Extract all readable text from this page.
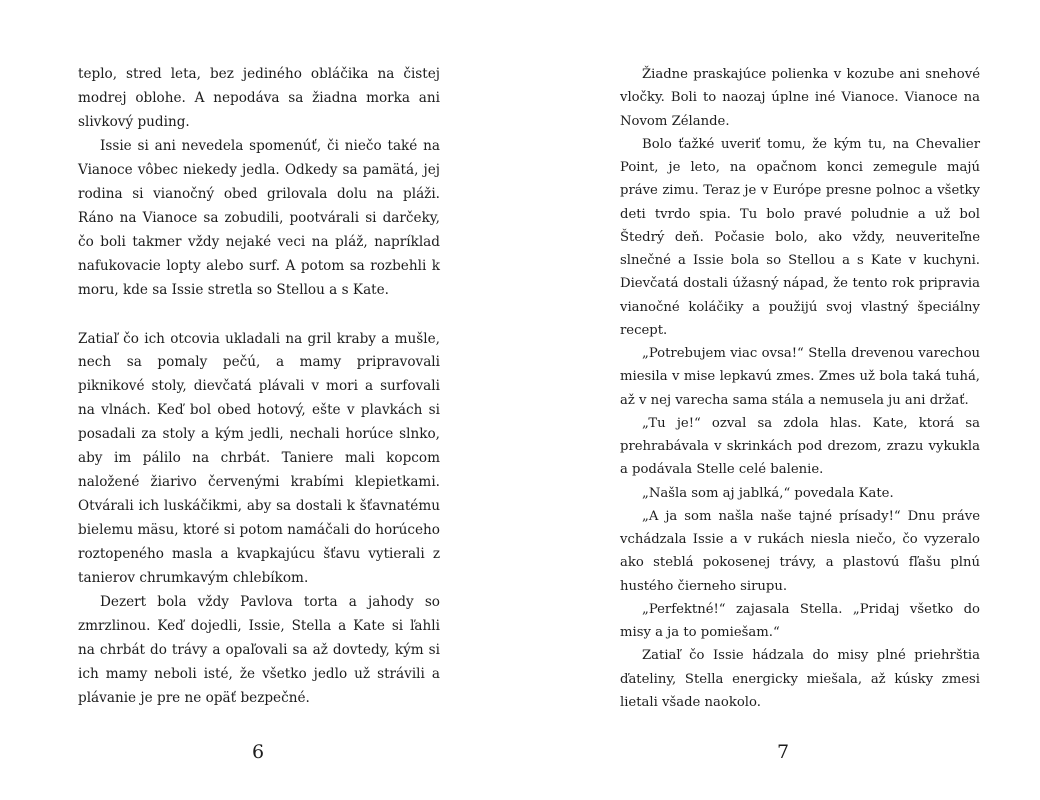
teplo, stred leta, bez jediného obláčika na čistej modrej oblohe. A nepodáva sa žiadna morka ani slivkový puding.

Issie si ani nevedela spomenúť, či niečo také na Vianoce vôbec niekedy jedla. Odkedy sa pamätá, jej rodina si vianočný obed grilovala dolu na pláži. Ráno na Vianoce sa zobudili, pootvárali si darčeky, čo boli takmer vždy nejaké veci na pláž, napríklad nafukovacie lopty alebo surf. A potom sa rozbehli k moru, kde sa Issie stretla so Stellou a s Kate.

Zatiaľ čo ich otcovia ukladali na gril kraby a mušle, nech sa pomaly pečú, a mamy pripravovali piknikové stoly, dievčatá plávali v mori a surfovali na vlnách. Keď bol obed hotový, ešte v plavkách si posadali za stoly a kým jedli, nechali horúce slnko, aby im pálilo na chrbát. Taniere mali kopcom naložené žiarivo červenými krabími klepietkami. Otvárali ich luskáčikmi, aby sa dostali k šťavnatému bielemu mäsu, ktoré si potom namáčali do horúceho roztopeného masla a kvapkajúcu šťavu vytierali z tanierov chrumkavým chlebíkom.

Dezert bola vždy Pavlova torta a jahody so zmrzlinou. Keď dojedli, Issie, Stella a Kate si ľahli na chrbát do trávy a opaľovali sa až dovtedy, kým si ich mamy neboli isté, že všetko jedlo už strávili a plávanie je pre ne opäť bezpečné.

6

Žiadne praskajúce polienka v kozube ani snehové vločky. Boli to naozaj úplne iné Vianoce. Vianoce na Novom Zélande.

Bolo ťažké uveriť tomu, že kým tu, na Chevalier Point, je leto, na opačnom konci zemegule majú práve zimu. Teraz je v Európe presne polnoc a všetky deti tvrdo spia. Tu bolo pravé poludnie a už bol Štedrý deň. Počasie bolo, ako vždy, neuveriteľne slnečné a Issie bola so Stellou a s Kate v kuchyni. Dievčatá dostali úžasný nápad, že tento rok pripravia vianočné koláčiky a použijú svoj vlastný špeciálny recept.

„Potrebujem viac ovsa!“ Stella drevenou varechou miesila v mise lepkavú zmes. Zmes už bola taká tuhá, až v nej varecha sama stála a nemusela ju ani držať.

„Tu je!“ ozval sa zdola hlas. Kate, ktorá sa prehrabávala v skrinkách pod drezom, zrazu vykukla a podávala Stelle celé balenie.

„Našla som aj jablká,“ povedala Kate.

„A ja som našla naše tajné prísady!“ Dnu práve vchádzala Issie a v rukách niesla niečo, čo vyzeralo ako steblá pokosenej trávy, a plastovú fľašu plnú hustého čierneho sirupu.

„Perfektné!“ zajasala Stella. „Pridaj všetko do misy a ja to pomiešam.“

Zatiaľ čo Issie hádzala do misy plné priehrštia ďateliny, Stella energicky miešala, až kúsky zmesi lietali všade naokolo.

7
